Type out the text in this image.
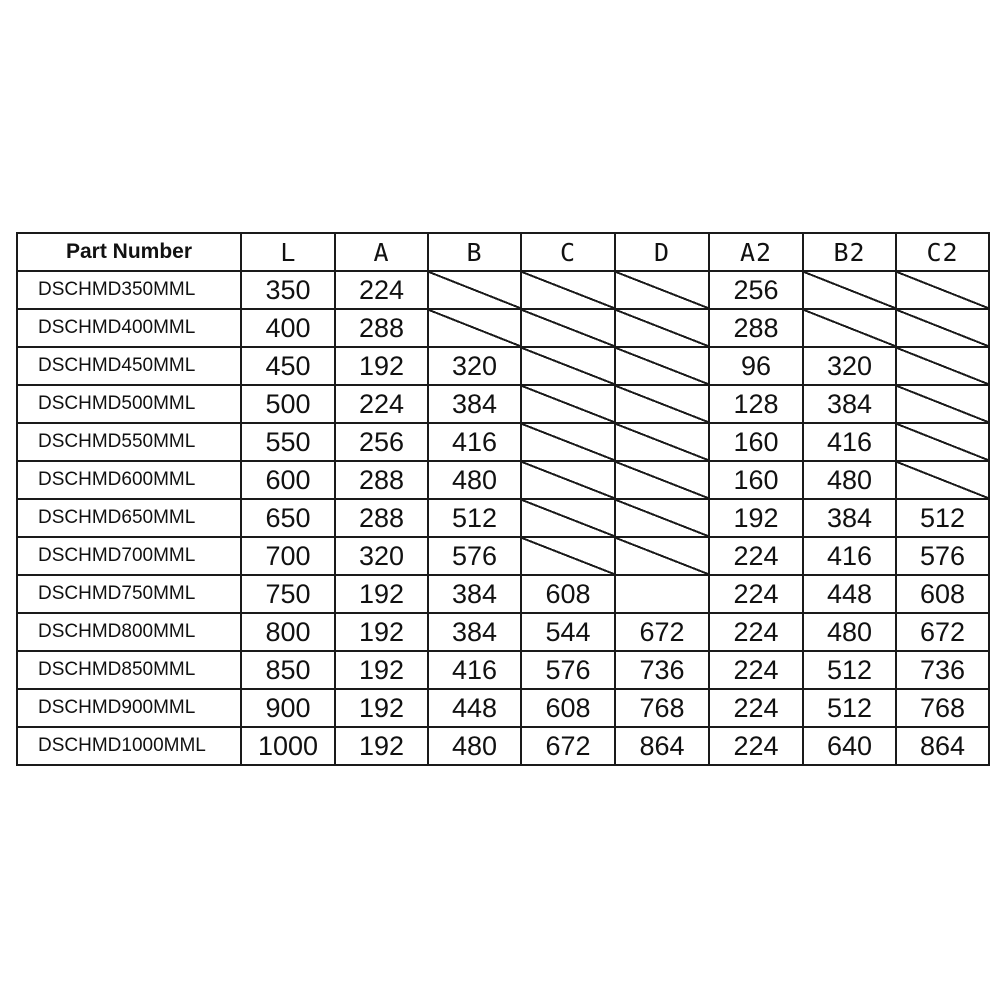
Part Number	L	A	B	C	D	A2	B2	C2
DSCHMD350MML	350	224				256		
DSCHMD400MML	400	288				288		
DSCHMD450MML	450	192	320			96	320	
DSCHMD500MML	500	224	384			128	384	
DSCHMD550MML	550	256	416			160	416	
DSCHMD600MML	600	288	480			160	480	
DSCHMD650MML	650	288	512			192	384	512
DSCHMD700MML	700	320	576			224	416	576
DSCHMD750MML	750	192	384	608		224	448	608
DSCHMD800MML	800	192	384	544	672	224	480	672
DSCHMD850MML	850	192	416	576	736	224	512	736
DSCHMD900MML	900	192	448	608	768	224	512	768
DSCHMD1000MML	1000	192	480	672	864	224	640	864
